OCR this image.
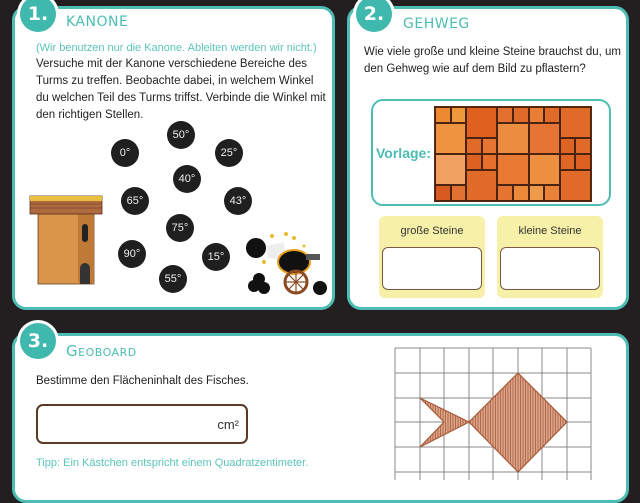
1.	KANONE
(Wir benutzen nur die Kanone. Ableiten werden wir nicht.)
Versuche mit der Kanone verschiedene Bereiche des Turms zu treffen. Beobachte dabei, in welchem Winkel du welchen Teil des Turms triffst. Verbinde die Winkel mit den richtigen Stellen.
50°
0°	25°
40°
65°	43°
75°
90°	15°
55°
2.	GEHWEG
Wie viele große und kleine Steine brauchst du, um den Gehweg wie auf dem Bild zu pflastern?
Vorlage:
große Steine	kleine Steine
3.	Geoboard
Bestimme den Flächeninhalt des Fisches.
cm²
Tipp: Ein Kästchen entspricht einem Quadratzentimeter.
